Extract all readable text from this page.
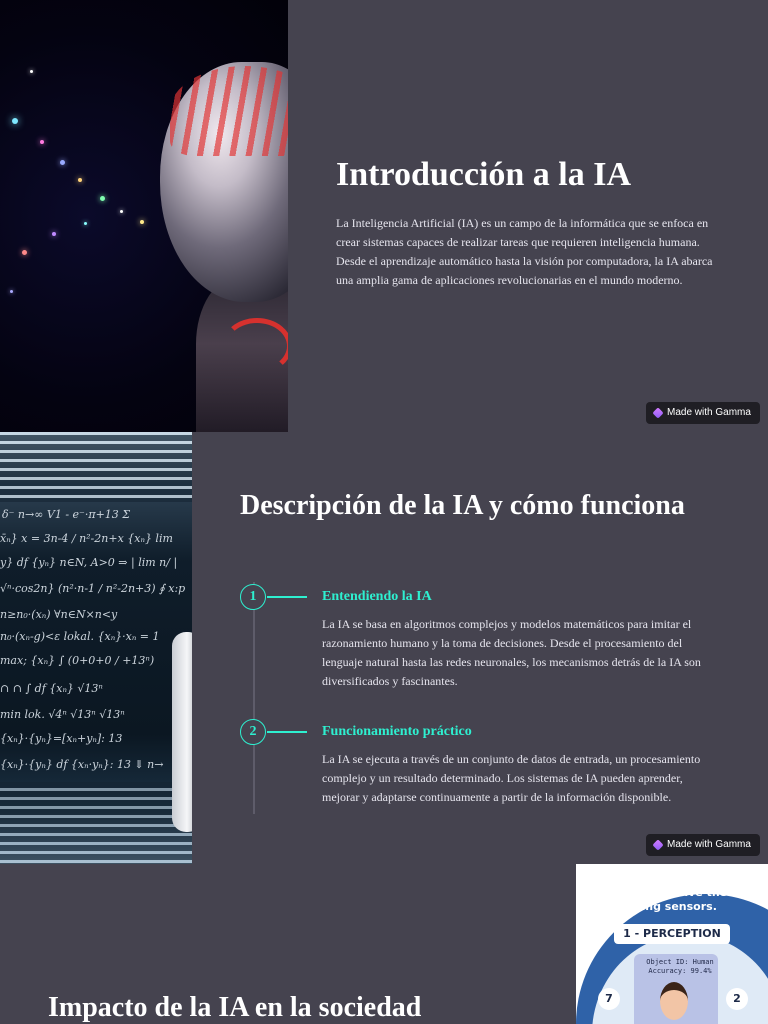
Introducción a la IA

La Inteligencia Artificial (IA) es un campo de la informática que se enfoca en crear sistemas capaces de realizar tareas que requieren inteligencia humana. Desde el aprendizaje automático hasta la visión por computadora, la IA abarca una amplia gama de aplicaciones revolucionarias en el mundo moderno.

Made with Gamma
δ⁻ n→∞ V1 - e⁻·π+13 Σ
x̄ₙ} x = 3n-4 / n²-2n+x {xₙ} lim
y} df {yₙ} n∈N, A>0 ⇒ | lim n/ |
√ⁿ·cos2n} (n²·n-1 / n²-2n+3) ∮ x:p
n≥n₀·(xₙ) ∀n∈N×n<y
n₀·(xₙ-g)<ε lokal. {xₙ}·xₙ = 1
max; {xₙ} ∫ (0+0+0 / +13ⁿ)
∩ ∩ ∫ df {xₙ} √13ⁿ
min lok. √4ⁿ √13ⁿ √13ⁿ
{xₙ}·{yₙ}=[xₙ+yₙ]: 13
{xₙ}·{yₙ} df {xₙ·yₙ}: 13 ⇓ n→
Descripción de la IA y cómo funciona
1	Entendiendo la IA

La IA se basa en algoritmos complejos y modelos matemáticos para imitar el razonamiento humano y la toma de decisiones. Desde el procesamiento del lenguaje natural hasta las redes neuronales, los mecanismos detrás de la IA son diversificados y fascinantes.

2	Funcionamiento práctico

La IA se ejecuta a través de un conjunto de datos de entrada, un procesamiento complejo y un resultado determinado. Los sistemas de IA pueden aprender, mejorar y adaptarse continuamente a partir de la información disponible.

Made with Gamma
Impacto de la IA en la sociedad
Computers perceive the world using sensors.
1 - PERCEPTION
Object ID: Human
Accuracy: 99.4%
7	2
